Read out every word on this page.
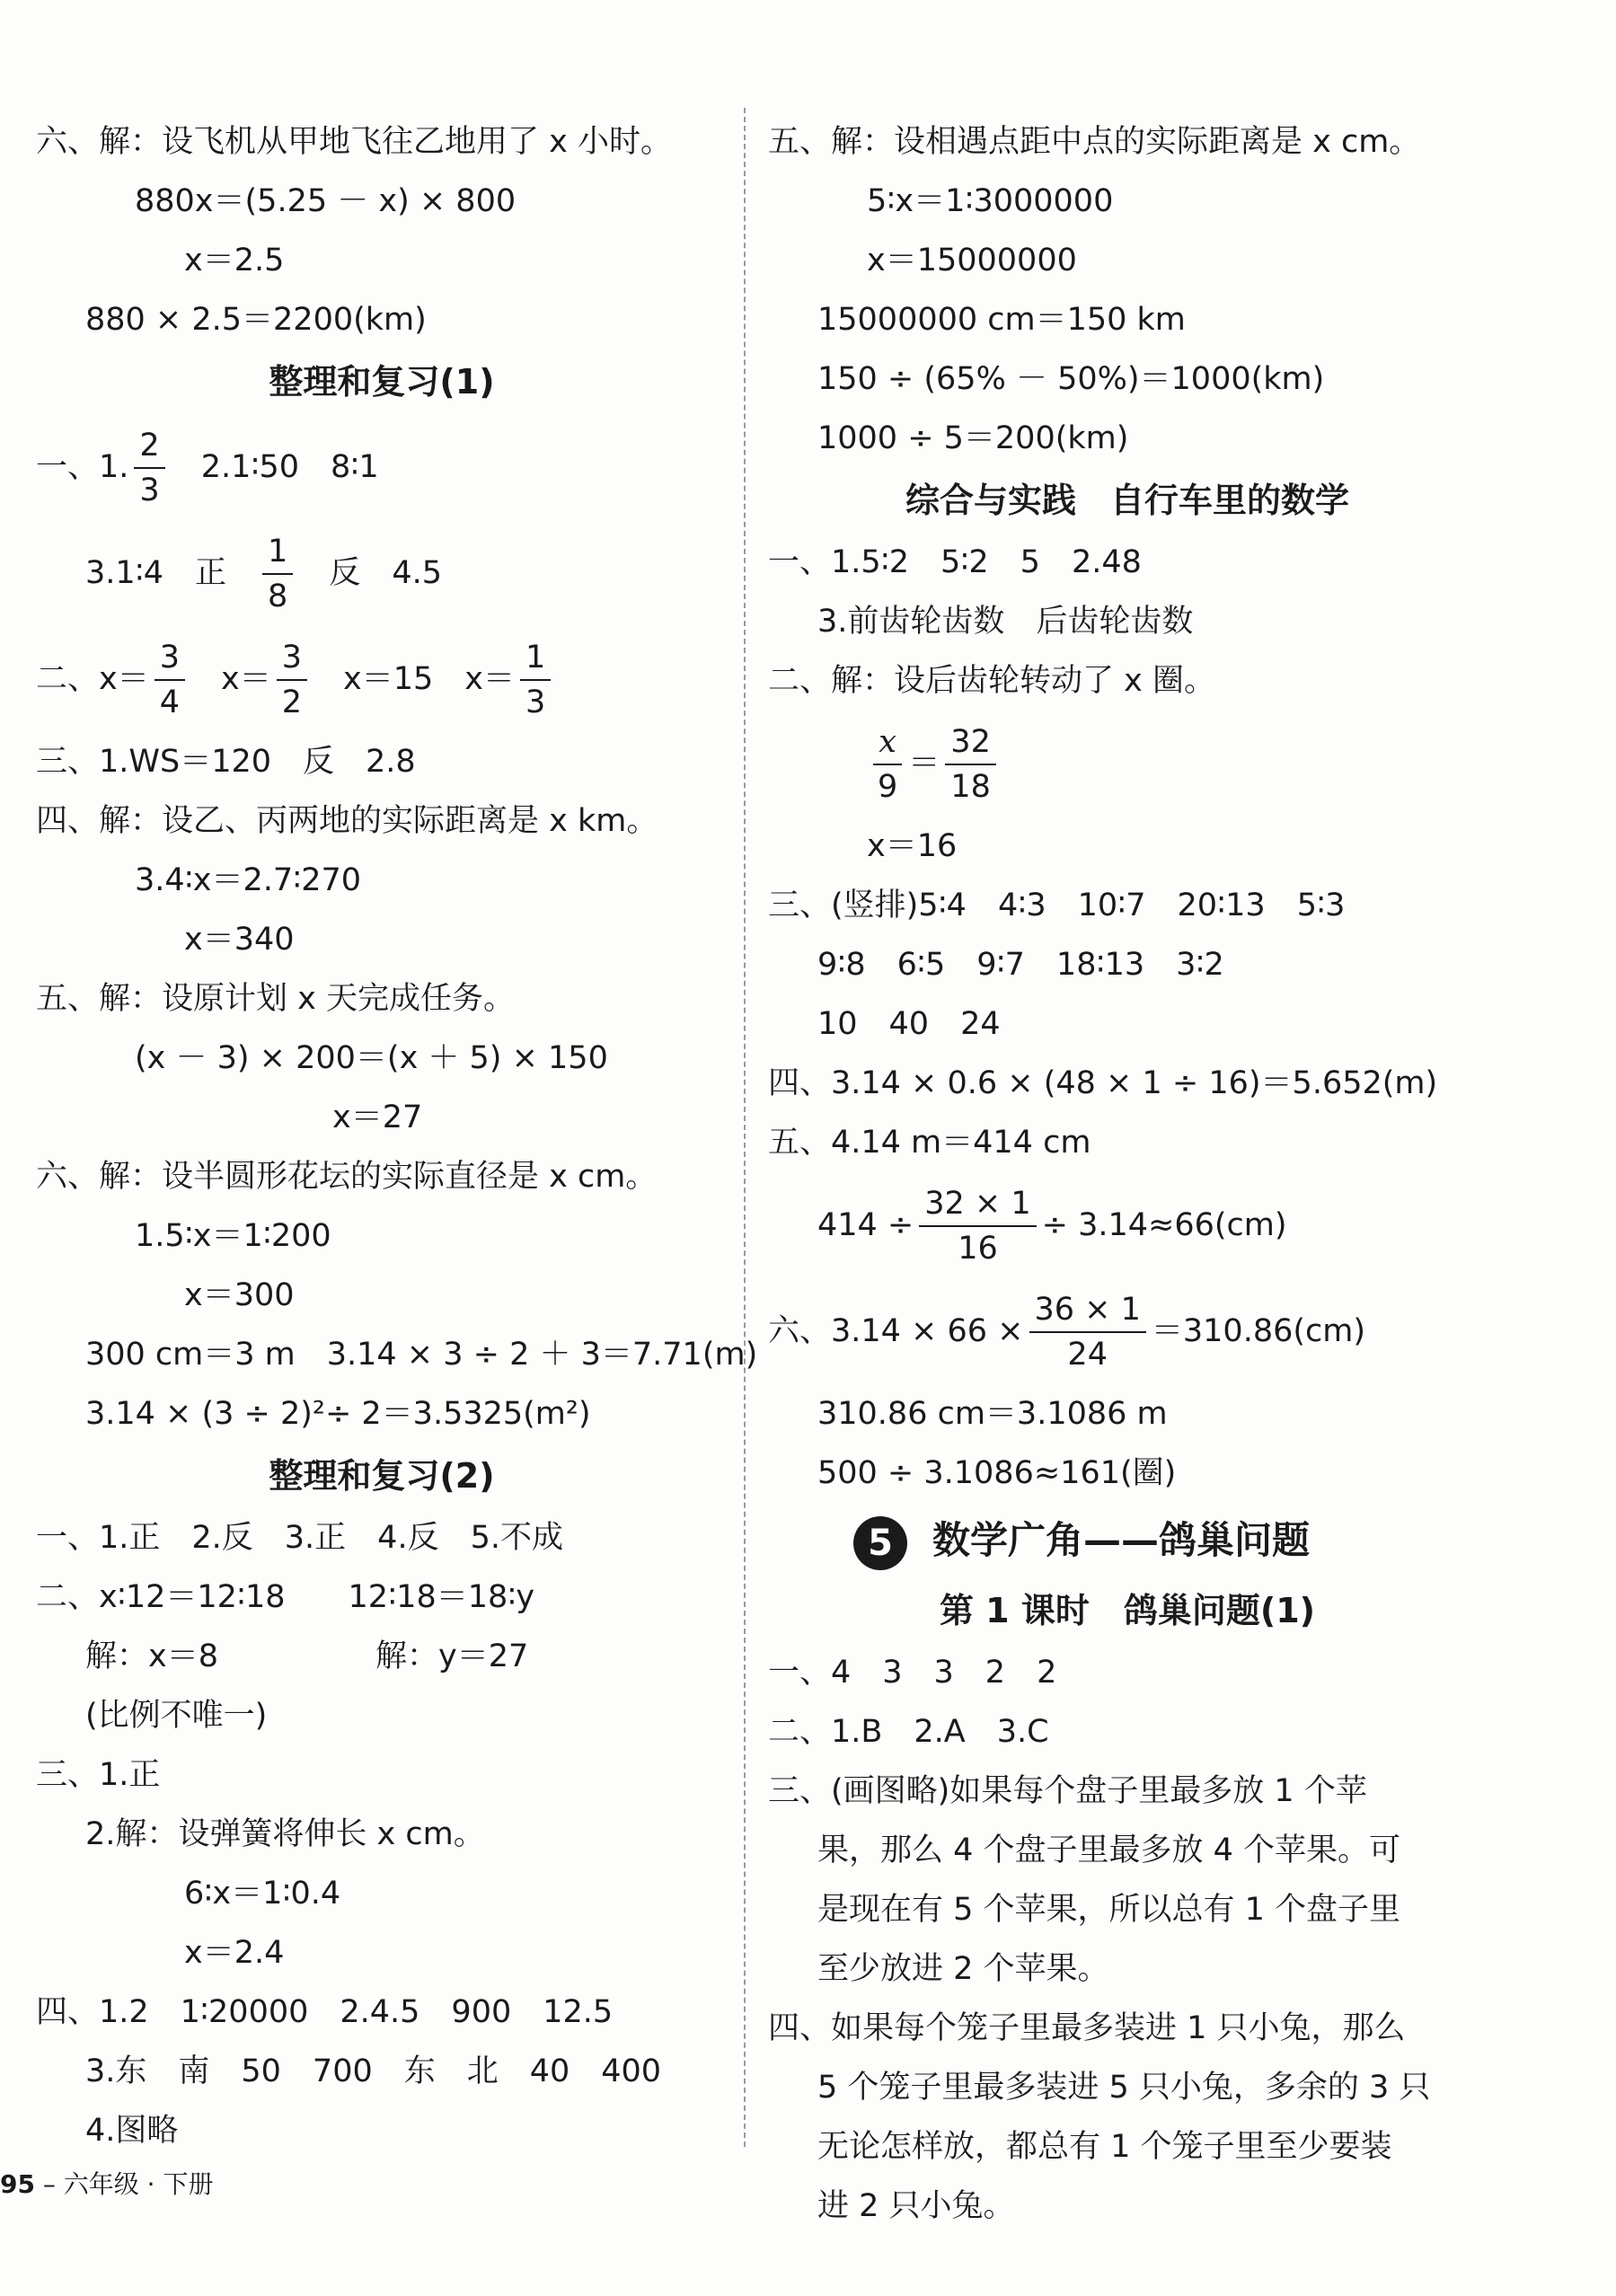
六、解：设飞机从甲地飞往乙地用了 x 小时。
880x＝(5.25 － x) × 800
x＝2.5
880 × 2.5＝2200(km)
整理和复习(1)
一、1. $\frac{2}{3}$ 2.1∶50　8∶1
3.1∶4　正 $\frac{1}{8}$ 反　4.5
二、$x= \frac{3}{4} x= \frac{3}{2} x=15$　$x= \frac{1}{3}$
三、1.WS＝120　反　2.8
四、解：设乙、丙两地的实际距离是 x km。
3.4∶x＝2.7∶270
x＝340
五、解：设原计划 x 天完成任务。
(x － 3) × 200＝(x ＋ 5) × 150
x＝27
六、解：设半圆形花坛的实际直径是 x cm。
1.5∶x＝1∶200
x＝300
300 cm＝3 m　3.14 × 3 ÷ 2 ＋ 3＝7.71(m)
3.14 × (3 ÷ 2)²÷ 2＝3.5325(m²)
整理和复习(2)
一、1.正　2.反　3.正　4.反　5.不成
二、x∶12＝12∶18　　12∶18＝18∶y
解：x＝8　　　　　解：y＝27
(比例不唯一)
三、1.正
2.解：设弹簧将伸长 x cm。
6∶x＝1∶0.4
x＝2.4
四、1.2　1∶20000　2.4.5　900　12.5
3.东　南　50　700　东　北　40　400
4.图略
五、解：设相遇点距中点的实际距离是 x cm。
5∶x＝1∶3000000
x＝15000000
15000000 cm＝150 km
150 ÷ (65% － 50%)＝1000(km)
1000 ÷ 5＝200(km)
综合与实践　自行车里的数学
一、1.5∶2　5∶2　5　2.48
3.前齿轮齿数　后齿轮齿数
二、解：设后齿轮转动了 x 圈。
$\frac{x}{9} = \frac{32}{18}$
x＝16
三、(竖排)5∶4　4∶3　10∶7　20∶13　5∶3
9∶8　6∶5　9∶7　18∶13　3∶2
10　40　24
四、3.14 × 0.6 × (48 × 1 ÷ 16)＝5.652(m)
五、4.14 m＝414 cm
$414 \div \frac{32 \times 1}{16} \div 3.14\approx 66(cm)$
六、$3.14 \times 66 \times \frac{36 \times 1}{24} =310.86(cm)$
310.86 cm＝3.1086 m
500 ÷ 3.1086≈161(圈)
5 数学广角——鸽巢问题
第 1 课时　鸽巢问题(1)
一、4　3　3　2　2
二、1.B　2.A　3.C
三、(画图略)如果每个盘子里最多放 1 个苹
果，那么 4 个盘子里最多放 4 个苹果。可
是现在有 5 个苹果，所以总有 1 个盘子里
至少放进 2 个苹果。
四、如果每个笼子里最多装进 1 只小兔，那么
5 个笼子里最多装进 5 只小兔，多余的 3 只
无论怎样放，都总有 1 个笼子里至少要装
进 2 只小兔。
95 – 六年级 · 下册
